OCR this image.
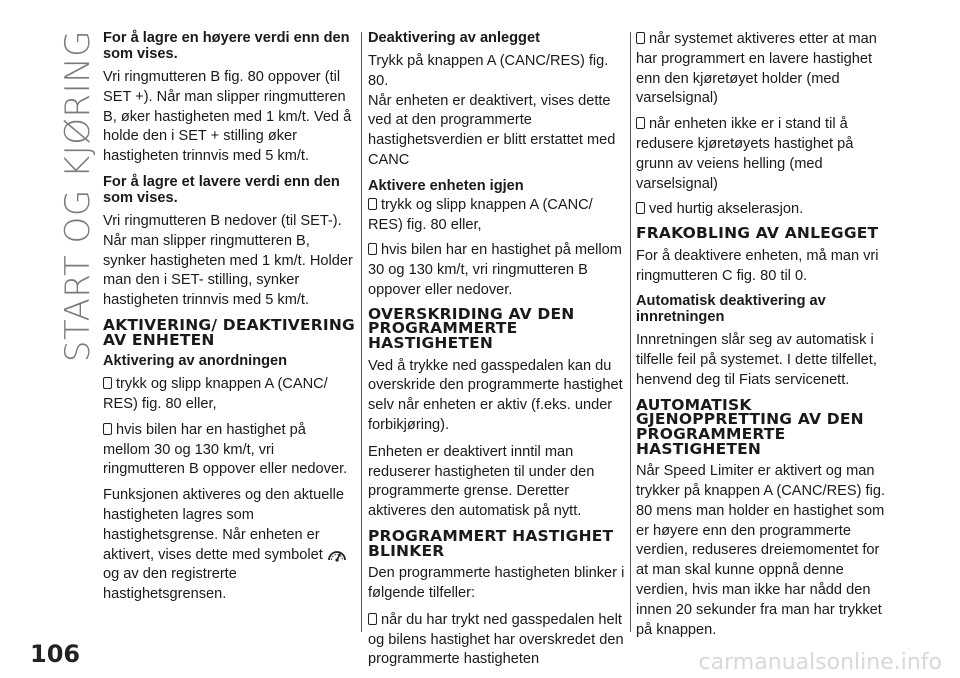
START OG KJØRING For å lagre en høyere verdi enn den som vises.

Vri ringmutteren B fig. 80 oppover (til SET +). Når man slipper ringmutteren B, øker hastigheten med 1 km/t. Ved å holde den i SET + stilling øker hastigheten trinnvis med 5 km/t.

For å lagre et lavere verdi enn den som vises.

Vri ringmutteren B nedover (til SET-). Når man slipper ringmutteren B, synker hastigheten med 1 km/t. Holder man den i SET- stilling, synker hastigheten trinnvis med 5 km/t.

AKTIVERING/ DEAKTIVERING AV ENHETEN
Aktivering av anordningen
trykk og slipp knappen A (CANC/ RES) fig. 80 eller,
hvis bilen har en hastighet på mellom 30 og 130 km/t, vri ringmutteren B oppover eller nedover.

Funksjonen aktiveres og den aktuelle hastigheten lagres som hastighetsgrense. Når enheten er aktivert, vises dette med symbolet  og av den registrerte hastighetsgrensen.

Deaktivering av anlegget

Trykk på knappen A (CANC/RES) fig. 80.

Når enheten er deaktivert, vises dette ved at den programmerte hastighetsverdien er blitt erstattet med CANC

Aktivere enheten igjen
trykk og slipp knappen A (CANC/ RES) fig. 80 eller,
hvis bilen har en hastighet på mellom 30 og 130 km/t, vri ringmutteren B oppover eller nedover.
OVERSKRIDING AV DEN PROGRAMMERTE HASTIGHETEN

Ved å trykke ned gasspedalen kan du overskride den programmerte hastighet selv når enheten er aktiv (f.eks. under forbikjøring).

Enheten er deaktivert inntil man reduserer hastigheten til under den programmerte grense. Deretter aktiveres den automatisk på nytt.

PROGRAMMERT HASTIGHET BLINKER

Den programmerte hastigheten blinker i følgende tilfeller:

når du har trykt ned gasspedalen helt og bilens hastighet har overskredet den programmerte hastigheten
når systemet aktiveres etter at man har programmert en lavere hastighet enn den kjøretøyet holder (med varselsignal)
når enheten ikke er i stand til å redusere kjøretøyets hastighet på grunn av veiens helling (med varselsignal)
ved hurtig akselerasjon.
FRAKOBLING AV ANLEGGET

For å deaktivere enheten, må man vri ringmutteren C fig. 80 til 0.

Automatisk deaktivering av innretningen

Innretningen slår seg av automatisk i tilfelle feil på systemet. I dette tilfellet, henvend deg til Fiats servicenett.

AUTOMATISK GJENOPPRETTING AV DEN PROGRAMMERTE HASTIGHETEN

Når Speed Limiter er aktivert og man trykker på knappen A (CANC/RES) fig. 80 mens man holder en hastighet som er høyere enn den programmerte verdien, reduseres dreiemomentet for at man skal kunne oppnå denne verdien, hvis man ikke har nådd den innen 20 sekunder fra man har trykket på knappen.

106	carmanualsonline.info
